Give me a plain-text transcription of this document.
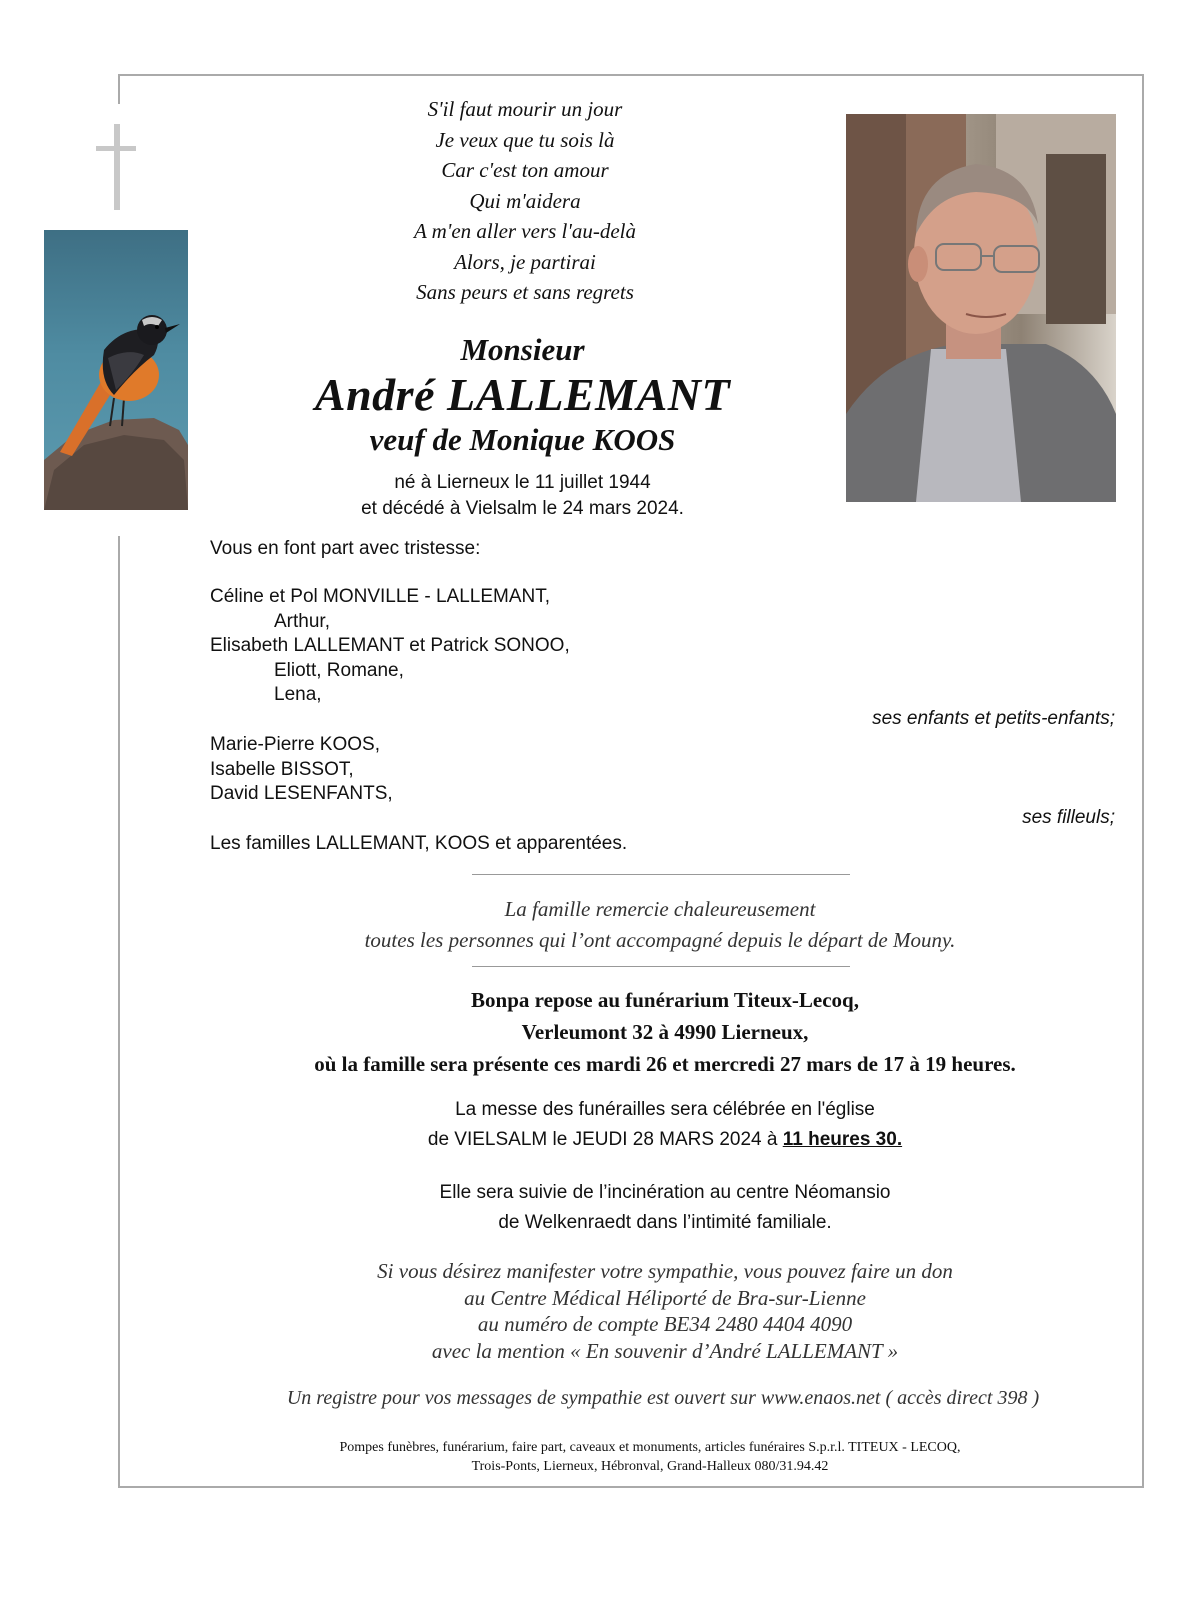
S'il faut mourir un jour
Je veux que tu sois là
Car c'est ton amour
Qui m'aidera
A m'en aller vers l'au-delà
Alors, je partirai
Sans peurs et sans regrets
Monsieur
André LALLEMANT
veuf de Monique KOOS
né à Lierneux le 11 juillet 1944
et décédé à Vielsalm le 24 mars 2024.
Vous en font part avec tristesse:
Céline et Pol MONVILLE - LALLEMANT,
Arthur,
Elisabeth LALLEMANT et Patrick SONOO,
Eliott, Romane,
Lena,
ses enfants et petits-enfants;
Marie-Pierre KOOS,
Isabelle BISSOT,
David LESENFANTS,
ses filleuls;
Les familles LALLEMANT, KOOS et apparentées.
La famille remercie chaleureusement
toutes les personnes qui l’ont accompagné depuis le départ de Mouny.
Bonpa repose au funérarium Titeux-Lecoq,
Verleumont 32 à 4990 Lierneux,
où la famille sera présente ces mardi 26 et mercredi 27 mars de 17 à 19 heures.
La messe des funérailles sera célébrée en l'église
de VIELSALM le JEUDI 28 MARS 2024 à 11 heures 30.
Elle sera suivie de l’incinération au centre Néomansio
de Welkenraedt dans l’intimité familiale.
Si vous désirez manifester votre sympathie, vous pouvez faire un don
au Centre Médical Héliporté de Bra-sur-Lienne
au numéro de compte BE34 2480 4404 4090
avec la mention « En souvenir d’André LALLEMANT »
Un registre pour vos messages de sympathie est ouvert sur www.enaos.net ( accès direct 398 )
Pompes funèbres, funérarium, faire part, caveaux et monuments, articles funéraires S.p.r.l. TITEUX - LECOQ,
Trois-Ponts, Lierneux, Hébronval, Grand-Halleux 080/31.94.42
